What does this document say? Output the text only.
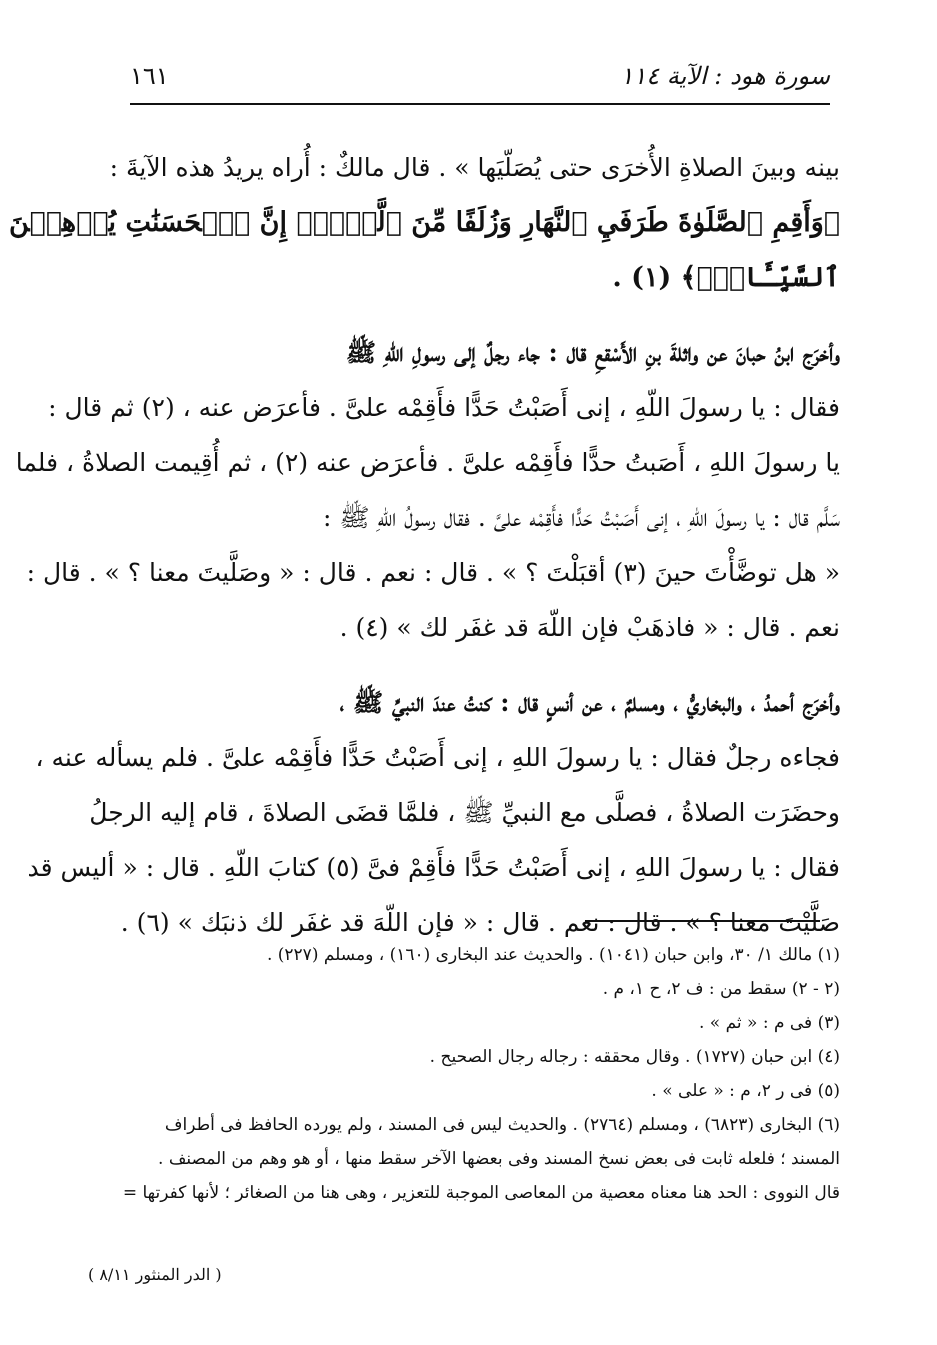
سورة هود : الآية ١١٤
١٦١
بينه وبينَ الصلاةِ الأُخرَى حتى يُصَلّيَها » . قال مالكٌ : أُراه يريدُ هذه الآيةَ :
﴿وَأَقِمِ ٱلصَّلَوٰةَ طَرَفَيِ ٱلنَّهَارِ وَزُلَفًا مِّنَ ٱلَّيۡلِۚ إِنَّ ٱلۡحَسَنَٰتِ يُذۡهِبۡنَ
ٱلسَّيِّـَٔاتِۚ﴾ (١) .
وأخرَج ابنُ حبانَ عن واثلةَ بنِ الأَسْقعِ قال : جاء رجلٌ إلى رسولِ اللهِ ﷺ
فقال : يا رسولَ اللّهِ ، إنى أَصَبْتُ حَدًّا فأَقِمْه علىَّ . فأعرَض عنه ، (٢) ثم قال :
يا رسولَ اللهِ ، أَصَبتُ حدًّا فأَقِمْه علىَّ . فأعرَض عنه (٢) ، ثم أُقِيمت الصلاةُ ، فلما
سَلَّم قال : يا رسولَ اللهِ ، إنى أَصَبْتُ حَدًّا فأَقِمْه علىَّ . فقال رسولُ اللهِ ﷺ :
« هل توضَّأْتَ حينَ (٣) أقبَلْتَ ؟ » . قال : نعم . قال : « وصَلَّيتَ معنا ؟ » . قال :
نعم . قال : « فاذهَبْ فإن اللّهَ قد غفَر لك » (٤) .
وأخرَج أحمدُ ، والبخاريُّ ، ومسلمٌ ، عن أنسٍ قال : كنتُ عندَ النبيِّ ﷺ ،
فجاءه رجلٌ فقال : يا رسولَ اللهِ ، إنى أَصَبْتُ حَدًّا فأَقِمْه علىَّ . فلم يسأله عنه ،
وحضَرَت الصلاةُ ، فصلَّى مع النبيِّ ﷺ ، فلمَّا قضَى الصلاةَ ، قام إليه الرجلُ
فقال : يا رسولَ اللهِ ، إنى أَصَبْتُ حَدًّا فأَقِمْ فىَّ (٥) كتابَ اللّهِ . قال : « أليس قد
صَلَّيْتَ معنا ؟ » . قال : نعم . قال : « فإن اللّهَ قد غفَر لك ذنبَك » (٦) .
(١) مالك ١/ ٣٠، وابن حبان (١٠٤١) . والحديث عند البخارى (١٦٠) ، ومسلم (٢٢٧) .
(٢ - ٢) سقط من : ف ٢، ح ١، م .
(٣) فى م : « ثم » .
(٤) ابن حبان (١٧٢٧) . وقال محققه : رجاله رجال الصحيح .
(٥) فى ر ٢، م : « على » .
(٦) البخارى (٦٨٢٣) ، ومسلم (٢٧٦٤) . والحديث ليس فى المسند ، ولم يورده الحافظ فى أطراف
المسند ؛ فلعله ثابت فى بعض نسخ المسند وفى بعضها الآخر سقط منها ، أو هو وهم من المصنف .
قال النووى : الحد هنا معناه معصية من المعاصى الموجبة للتعزير ، وهى هنا من الصغائر ؛ لأنها كفرتها =
( الدر المنثور ٨/١١ )
